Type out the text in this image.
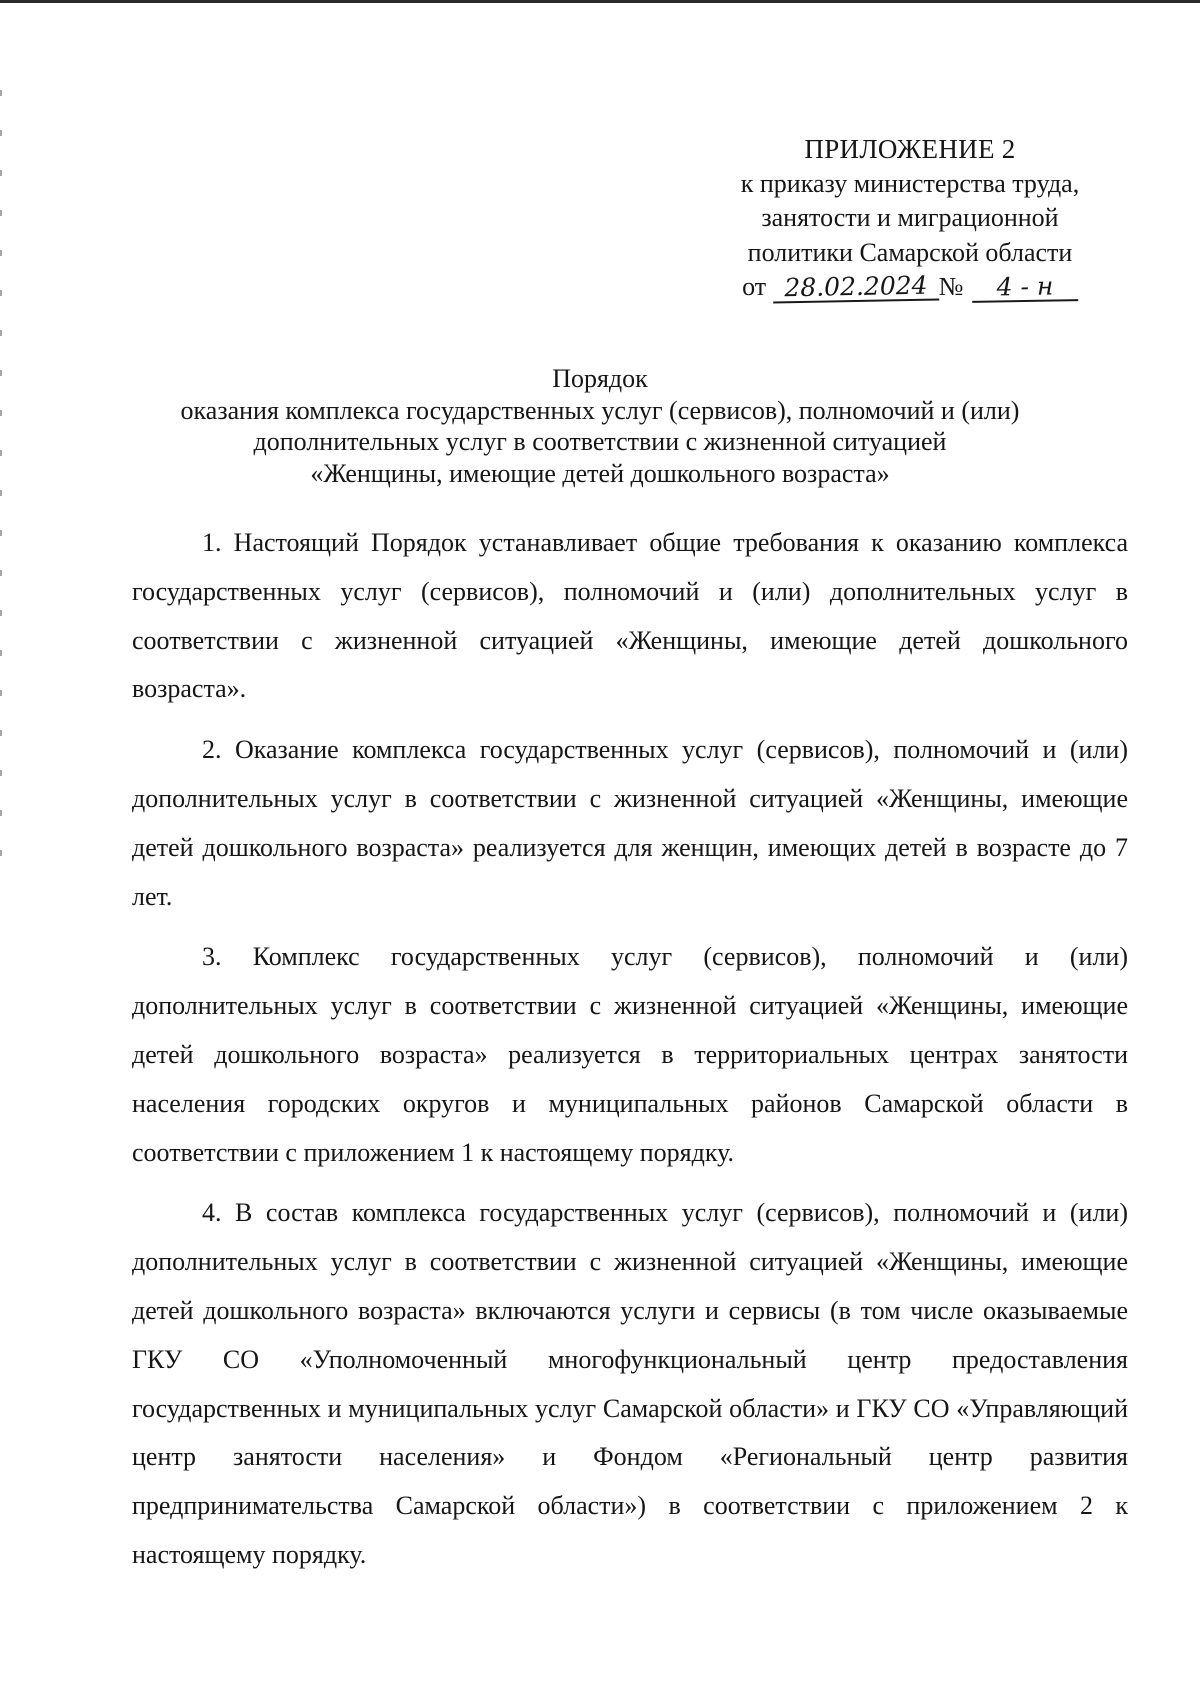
ПРИЛОЖЕНИЕ 2
к приказу министерства труда,
занятости и миграционной
политики Самарской области
от
28.02.2024 №
	4 - н
Порядок
оказания комплекса государственных услуг (сервисов), полномочий и (или)
дополнительных услуг в соответствии с жизненной ситуацией
«Женщины, имеющие детей дошкольного возраста»

1. Настоящий Порядок устанавливает общие требования к оказанию комплекса государственных услуг (сервисов), полномочий и (или) дополнительных услуг в соответствии с жизненной ситуацией «Женщины, имеющие детей дошкольного возраста».

2. Оказание комплекса государственных услуг (сервисов), полномочий и (или) дополнительных услуг в соответствии с жизненной ситуацией «Женщины, имеющие детей дошкольного возраста» реализуется для женщин, имеющих детей в возрасте до 7 лет.

3. Комплекс государственных услуг (сервисов), полномочий и (или) дополнительных услуг в соответствии с жизненной ситуацией «Женщины, имеющие детей дошкольного возраста» реализуется в территориальных центрах занятости населения городских округов и муниципальных районов Самарской области в соответствии с приложением 1 к настоящему порядку.

4. В состав комплекса государственных услуг (сервисов), полномочий и (или) дополнительных услуг в соответствии с жизненной ситуацией «Женщины, имеющие детей дошкольного возраста» включаются услуги и сервисы (в том числе оказываемые ГКУ СО «Уполномоченный многофункциональный центр предоставления государственных и муниципальных услуг Самарской области» и ГКУ СО «Управляющий центр занятости населения» и Фондом «Региональный центр развития предпринимательства Самарской области») в соответствии с приложением 2 к настоящему порядку.
